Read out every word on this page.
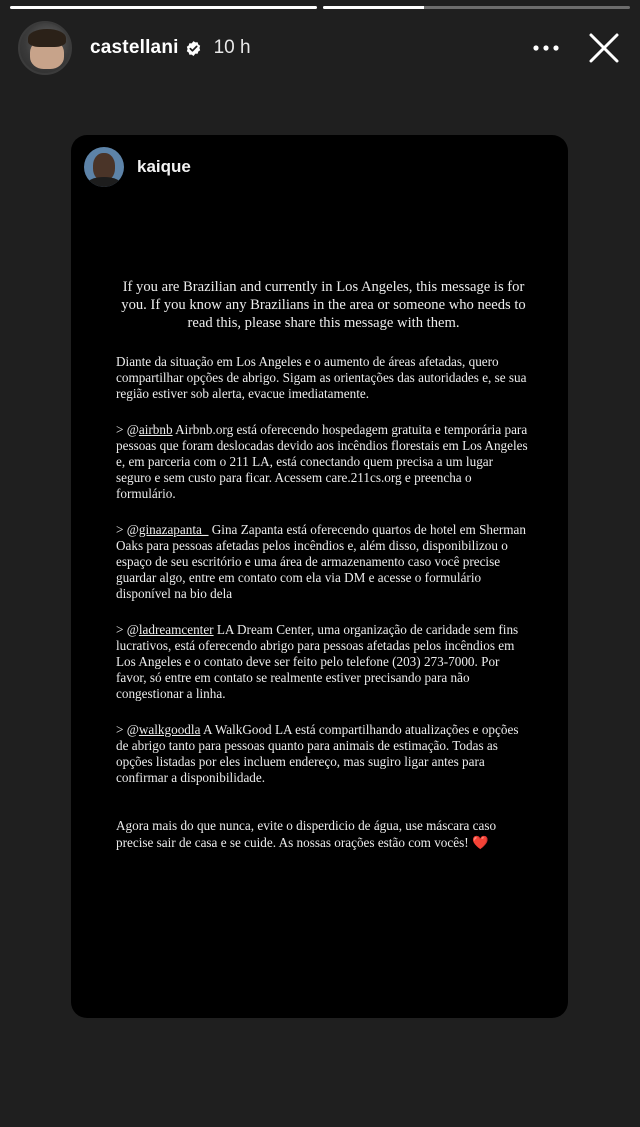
castellani 10 h
kaique

If you are Brazilian and currently in Los Angeles, this message is for you. If you know any Brazilians in the area or someone who needs to read this, please share this message with them.

Diante da situação em Los Angeles e o aumento de áreas afetadas, quero compartilhar opções de abrigo. Sigam as orientações das autoridades e, se sua região estiver sob alerta, evacue imediatamente.

> @airbnb Airbnb.org está oferecendo hospedagem gratuita e temporária para pessoas que foram deslocadas devido aos incêndios florestais em Los Angeles e, em parceria com o 211 LA, está conectando quem precisa a um lugar seguro e sem custo para ficar. Acessem care.211cs.org e preencha o formulário.

> @ginazapanta_ Gina Zapanta está oferecendo quartos de hotel em Sherman Oaks para pessoas afetadas pelos incêndios e, além disso, disponibilizou o espaço de seu escritório e uma área de armazenamento caso você precise guardar algo, entre em contato com ela via DM e acesse o formulário disponível na bio dela

> @ladreamcenter LA Dream Center, uma organização de caridade sem fins lucrativos, está oferecendo abrigo para pessoas afetadas pelos incêndios em Los Angeles e o contato deve ser feito pelo telefone (203) 273-7000. Por favor, só entre em contato se realmente estiver precisando para não congestionar a linha.

> @walkgoodla A WalkGood LA está compartilhando atualizações e opções de abrigo tanto para pessoas quanto para animais de estimação. Todas as opções listadas por eles incluem endereço, mas sugiro ligar antes para confirmar a disponibilidade.

Agora mais do que nunca, evite o disperdicio de água, use máscara caso precise sair de casa e se cuide. As nossas orações estão com vocês! ❤️
